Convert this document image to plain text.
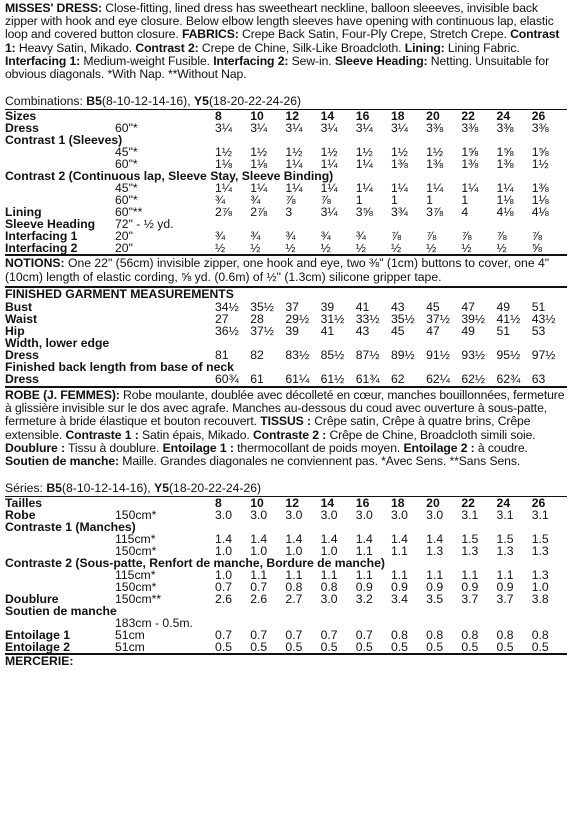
MISSES' DRESS: Close-fitting, lined dress has sweetheart neckline, balloon sleeeves, invisible back zipper with hook and eye closure. Below elbow length sleeves have opening with continuous lap, elastic loop and covered button closure. FABRICS: Crepe Back Satin, Four-Ply Crepe, Stretch Crepe. Contrast 1: Heavy Satin, Mikado. Contrast 2: Crepe de Chine, Silk-Like Broadcloth. Lining: Lining Fabric. Interfacing 1: Medium-weight Fusible. Interfacing 2: Sew-in. Sleeve Heading: Netting. Unsuitable for obvious diagonals. *With Nap. **Without Nap.

Combinations: B5(8-10-12-14-16), Y5(18-20-22-24-26)
Sizes		8	10	12	14	16	18	20	22	24	26
Dress	60"*	3¼	3¼	3¼	3¼	3¼	3¼	3⅜	3⅜	3⅜	3⅜
Contrast 1 (Sleeves)											
	45"*	1½	1½	1½	1½	1½	1½	1½	1⅝	1⅝	1⅝
	60"*	1⅛	1⅛	1¼	1¼	1¼	1⅜	1⅜	1⅜	1⅜	1½
Contrast 2 (Continuous lap, Sleeve Stay, Sleeve Binding)											
	45"*	1¼	1¼	1¼	1¼	1¼	1¼	1¼	1¼	1¼	1⅜
	60"*	¾	¾	⅞	⅞	1	1	1	1	1⅛	1⅛
Lining	60"**	2⅞	2⅞	3	3¼	3⅝	3¾	3⅞	4	4⅛	4⅛
Sleeve Heading	72" - ½ yd.										
Interfacing 1	20"	¾	¾	¾	¾	¾	⅞	⅞	⅞	⅞	⅞
Interfacing 2	20"	½	½	½	½	½	½	½	½	½	⅝

NOTIONS: One 22" (56cm) invisible zipper, one hook and eye, two ⅜" (1cm) buttons to cover, one 4" (10cm) length of elastic cording, ⅝ yd. (0.6m) of ½" (1.3cm) silicone gripper tape.

FINISHED GARMENT MEASUREMENTS
Bust	34½	35½	37	39	41	43	45	47	49	51
Waist	27	28	29½	31½	33½	35½	37½	39½	41½	43½
Hip	36½	37½	39	41	43	45	47	49	51	53
Width, lower edge										
Dress	81	82	83½	85½	87½	89½	91½	93½	95½	97½
Finished back length from base of neck										
Dress	60¾	61	61¼	61½	61¾	62	62¼	62½	62¾	63

ROBE (J. FEMMES): Robe moulante, doublée avec décolleté en cœur, manches bouillonnées, fermeture à glissière invisible sur le dos avec agrafe. Manches au-dessous du coud avec ouverture à sous-patte, fermeture à bride élastique et bouton recouvert. TISSUS : Crêpe satin, Crêpe à quatre brins, Crêpe extensible. Contraste 1 : Satin épais, Mikado. Contraste 2 : Crêpe de Chine, Broadcloth simili soie. Doublure : Tissu à doublure. Entoilage 1 : thermocollant de poids moyen. Entoilage 2 : à coudre. Soutien de manche: Maille. Grandes diagonales ne conviennent pas. *Avec Sens. **Sans Sens.

Séries: B5(8-10-12-14-16), Y5(18-20-22-24-26)
Tailles		8	10	12	14	16	18	20	22	24	26
Robe	150cm*	3.0	3.0	3.0	3.0	3.0	3.0	3.0	3.1	3.1	3.1
Contraste 1 (Manches)											
	115cm*	1.4	1.4	1.4	1.4	1.4	1.4	1.4	1.5	1.5	1.5
	150cm*	1.0	1.0	1.0	1.0	1.1	1.1	1.3	1.3	1.3	1.3
Contraste 2 (Sous-patte, Renfort de manche, Bordure de manche)											
	115cm*	1.0	1.1	1.1	1.1	1.1	1.1	1.1	1.1	1.1	1.3
	150cm*	0.7	0.7	0.8	0.8	0.9	0.9	0.9	0.9	0.9	1.0
Doublure	150cm**	2.6	2.6	2.7	3.0	3.2	3.4	3.5	3.7	3.7	3.8
Soutien de manche											
	183cm - 0.5m.										
Entoilage 1	51cm	0.7	0.7	0.7	0.7	0.7	0.8	0.8	0.8	0.8	0.8
Entoilage 2	51cm	0.5	0.5	0.5	0.5	0.5	0.5	0.5	0.5	0.5	0.5
MERCERIE:
